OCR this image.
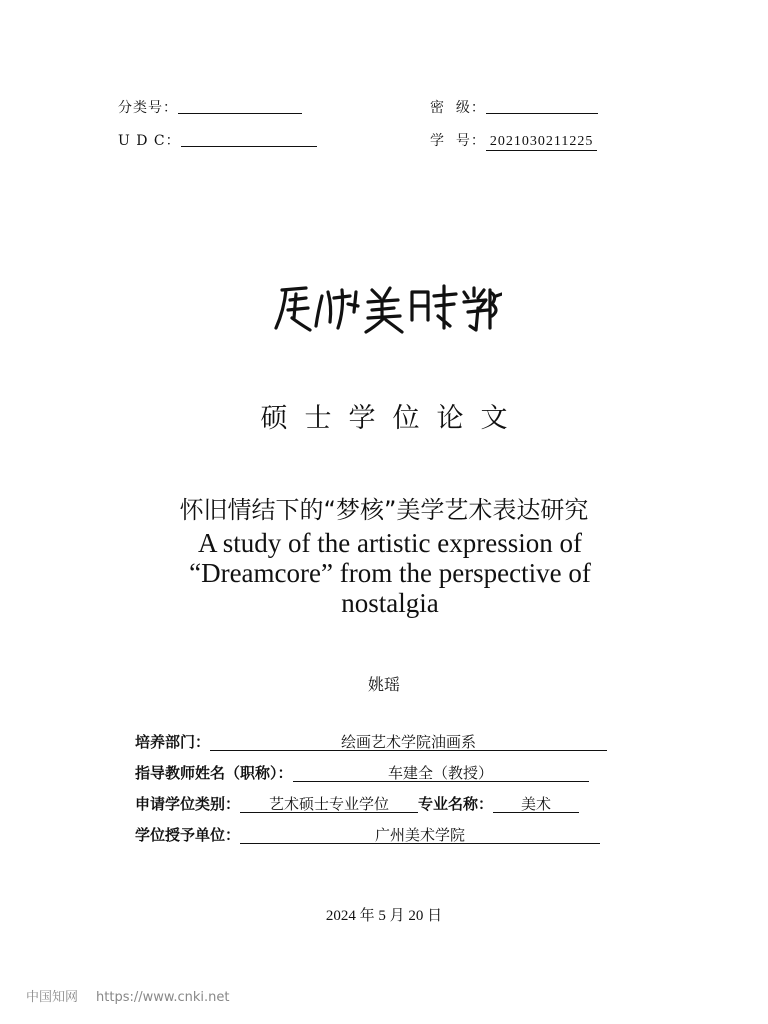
分类号：	密  级：
U D C：	学  号： 2021030211225
硕士学位论文
怀旧情结下的“梦核”美学艺术表达研究
A study of the artistic expression of “Dreamcore” from the perspective of nostalgia
姚瑶
培养部门：	绘画艺术学院油画系
指导教师姓名（职称）：	车建全（教授）
申请学位类别： 艺术硕士专业学位 专业名称： 美术
学位授予单位：	广州美术学院
2024 年 5 月 20 日
中国知网 https://www.cnki.net
